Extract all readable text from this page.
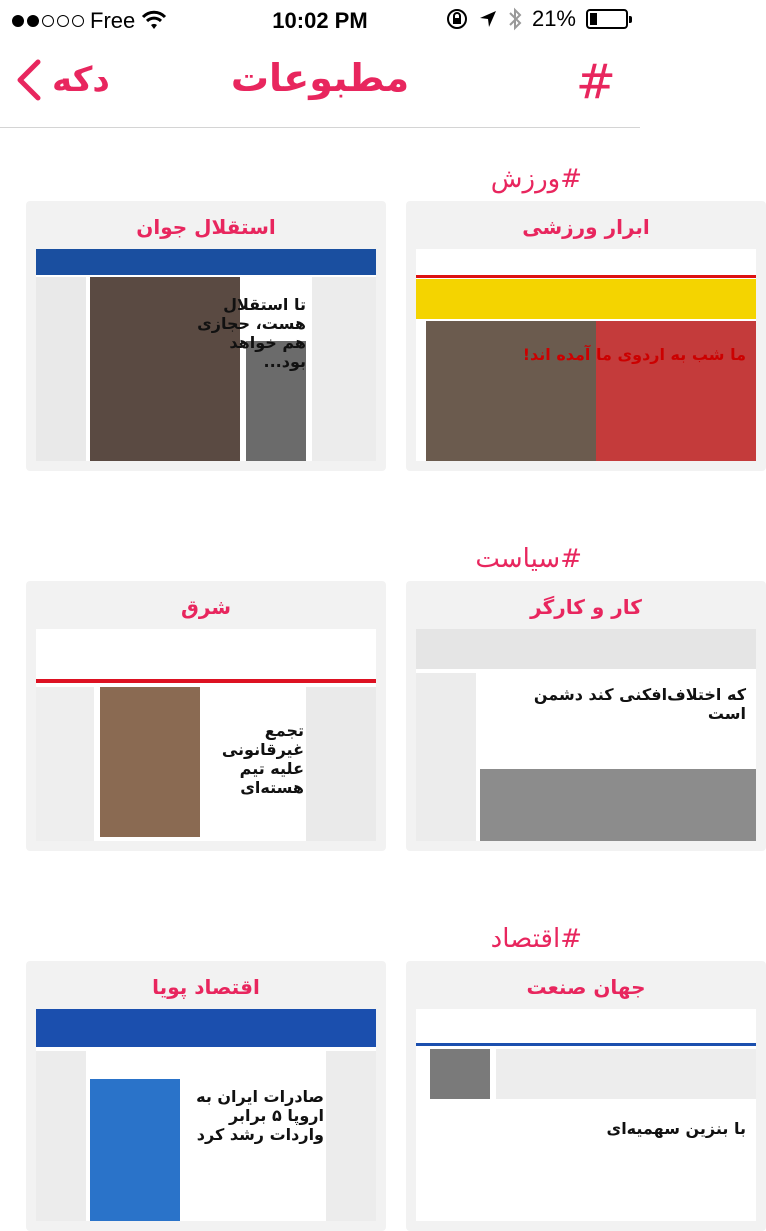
Free	10:02 PM	21%
دکه	مطبوعات	#
#ورزش
استقلال جوان
تا استقلال هست، حجازی هم خواهد بود...
ابرار ورزشی
ما شب به اردوی ما آمده اند!
#سیاست
شرق
تجمع غیرقانونی علیه تیم هسته‌ای
کار و کارگر
که اختلاف‌افکنی کند دشمن است
#اقتصاد
اقتصاد پویا
صادرات ایران به اروپا ۵ برابر واردات رشد کرد
جهان صنعت
با بنزین سهمیه‌ای
